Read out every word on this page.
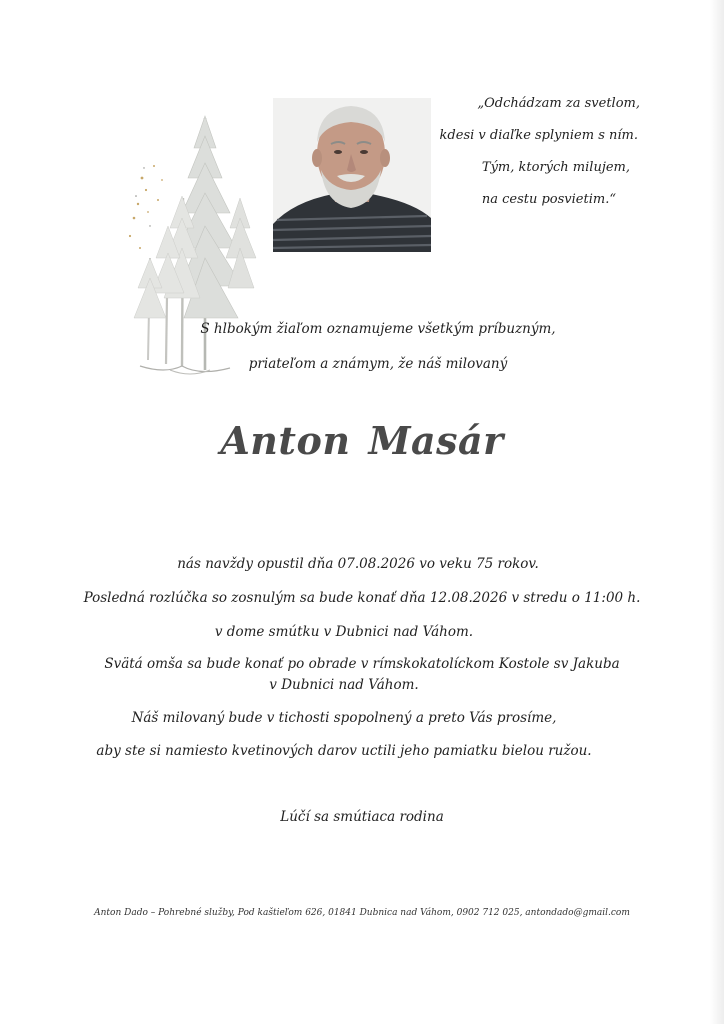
„Odchádzam za svetlom,
kdesi v diaľke splyniem s ním.
Tým, ktorých milujem,
na cestu posvietim.“
S hlbokým žiaľom oznamujeme všetkým príbuzným,
priateľom a známym, že náš milovaný
Anton Masár
nás navždy opustil dňa 07.08.2026 vo veku 75 rokov.
Posledná rozlúčka so zosnulým sa bude konať dňa 12.08.2026 v stredu o 11:00 h.
v dome smútku v Dubnici nad Váhom.
Svätá omša sa bude konať po obrade v rímskokatolíckom Kostole sv Jakuba
v Dubnici nad Váhom.
Náš milovaný bude v tichosti spopolnený a preto Vás prosíme,
aby ste si namiesto kvetinových darov uctili jeho pamiatku bielou ružou.
Lúčí sa smútiaca rodina
Anton Dado – Pohrebné služby, Pod kaštieľom 626, 01841 Dubnica nad Váhom, 0902 712 025, antondado@gmail.com
